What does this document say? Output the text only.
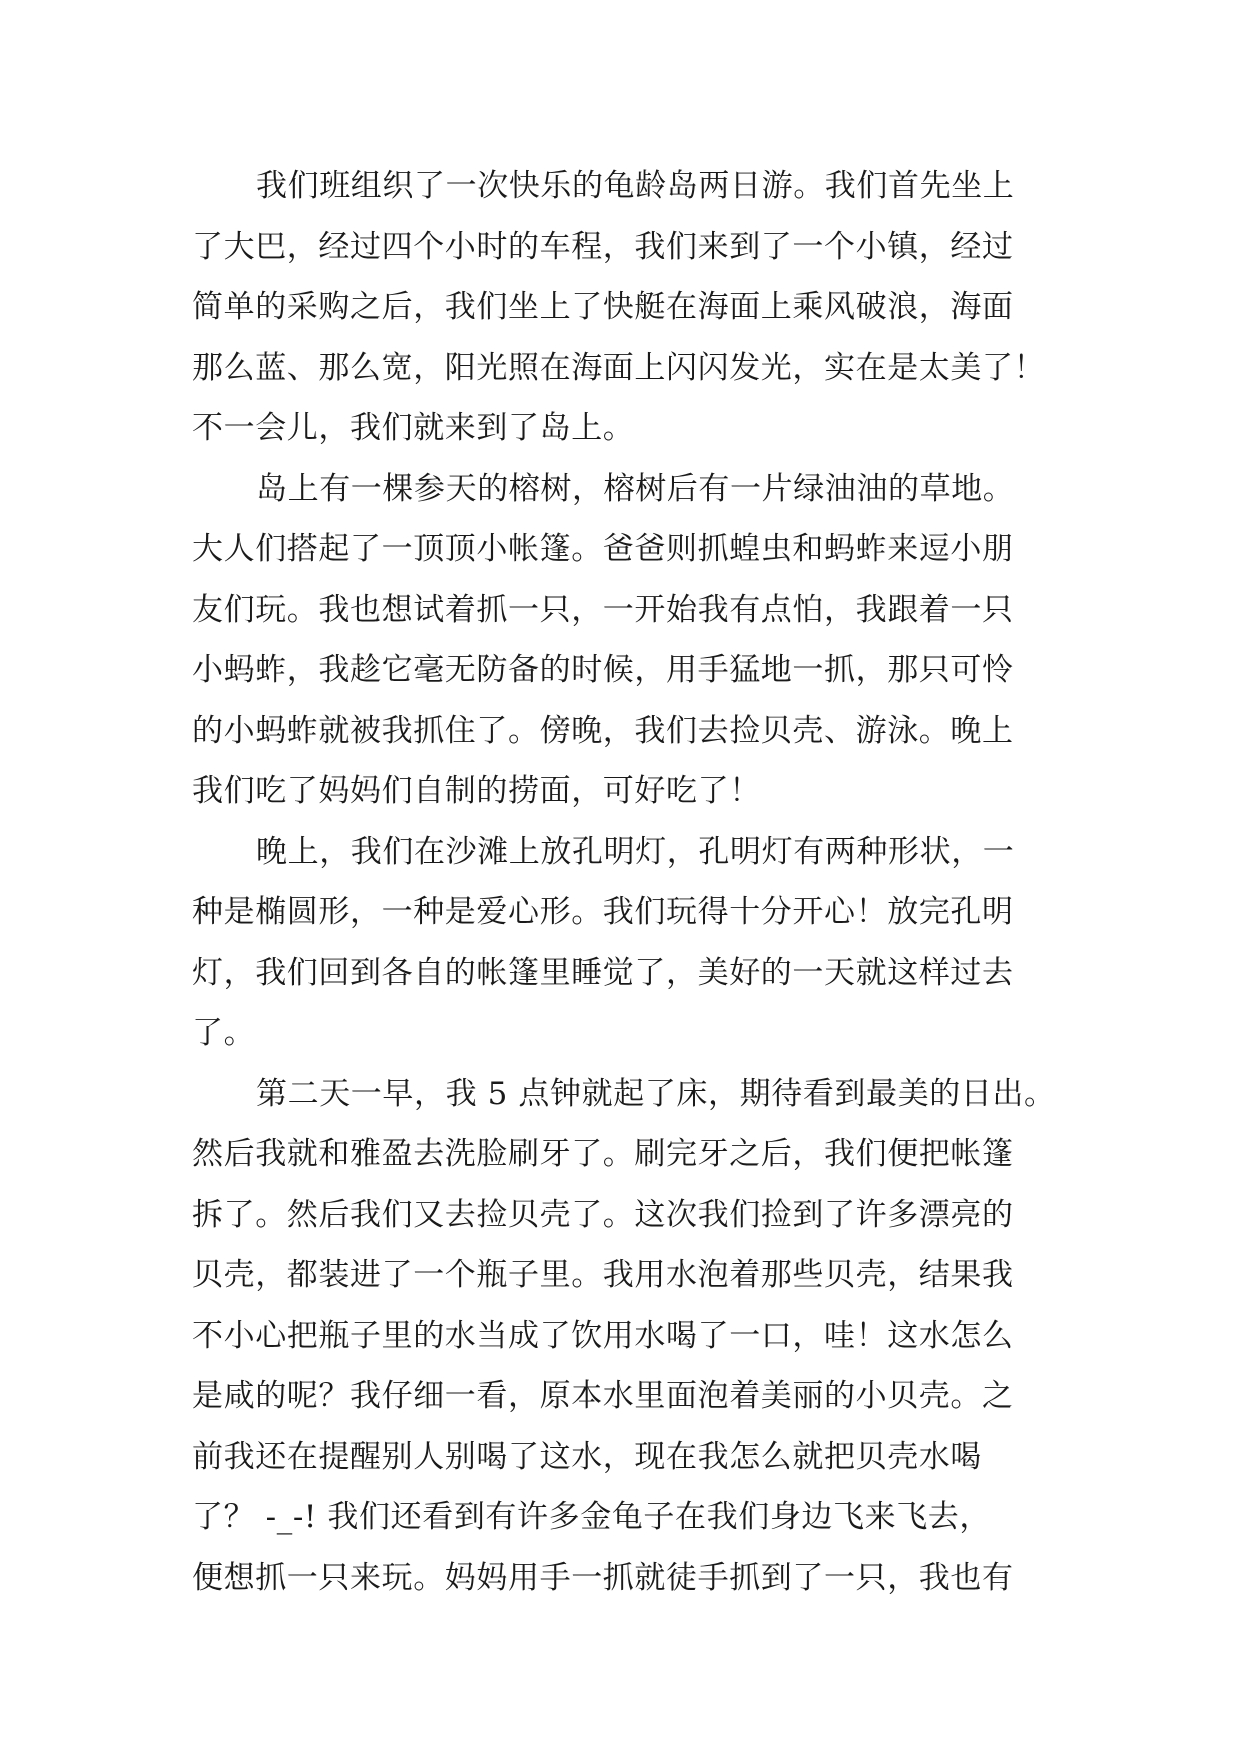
我们班组织了一次快乐的龟龄岛两日游。我们首先坐上
了大巴，经过四个小时的车程，我们来到了一个小镇，经过
简单的采购之后，我们坐上了快艇在海面上乘风破浪，海面
那么蓝、那么宽，阳光照在海面上闪闪发光，实在是太美了！
不一会儿，我们就来到了岛上。
岛上有一棵参天的榕树，榕树后有一片绿油油的草地。
大人们搭起了一顶顶小帐篷。爸爸则抓蝗虫和蚂蚱来逗小朋
友们玩。我也想试着抓一只，一开始我有点怕，我跟着一只
小蚂蚱，我趁它毫无防备的时候，用手猛地一抓，那只可怜
的小蚂蚱就被我抓住了。傍晚，我们去捡贝壳、游泳。晚上
我们吃了妈妈们自制的捞面，可好吃了！
晚上，我们在沙滩上放孔明灯，孔明灯有两种形状，一
种是椭圆形，一种是爱心形。我们玩得十分开心！放完孔明
灯，我们回到各自的帐篷里睡觉了，美好的一天就这样过去
了。
第二天一早，我 5 点钟就起了床，期待看到最美的日出。
然后我就和雅盈去洗脸刷牙了。刷完牙之后，我们便把帐篷
拆了。然后我们又去捡贝壳了。这次我们捡到了许多漂亮的
贝壳，都装进了一个瓶子里。我用水泡着那些贝壳，结果我
不小心把瓶子里的水当成了饮用水喝了一口，哇！这水怎么
是咸的呢？我仔细一看，原本水里面泡着美丽的小贝壳。之
前我还在提醒别人别喝了这水，现在我怎么就把贝壳水喝
了？ -_-! 我们还看到有许多金龟子在我们身边飞来飞去，
便想抓一只来玩。妈妈用手一抓就徒手抓到了一只，我也有
